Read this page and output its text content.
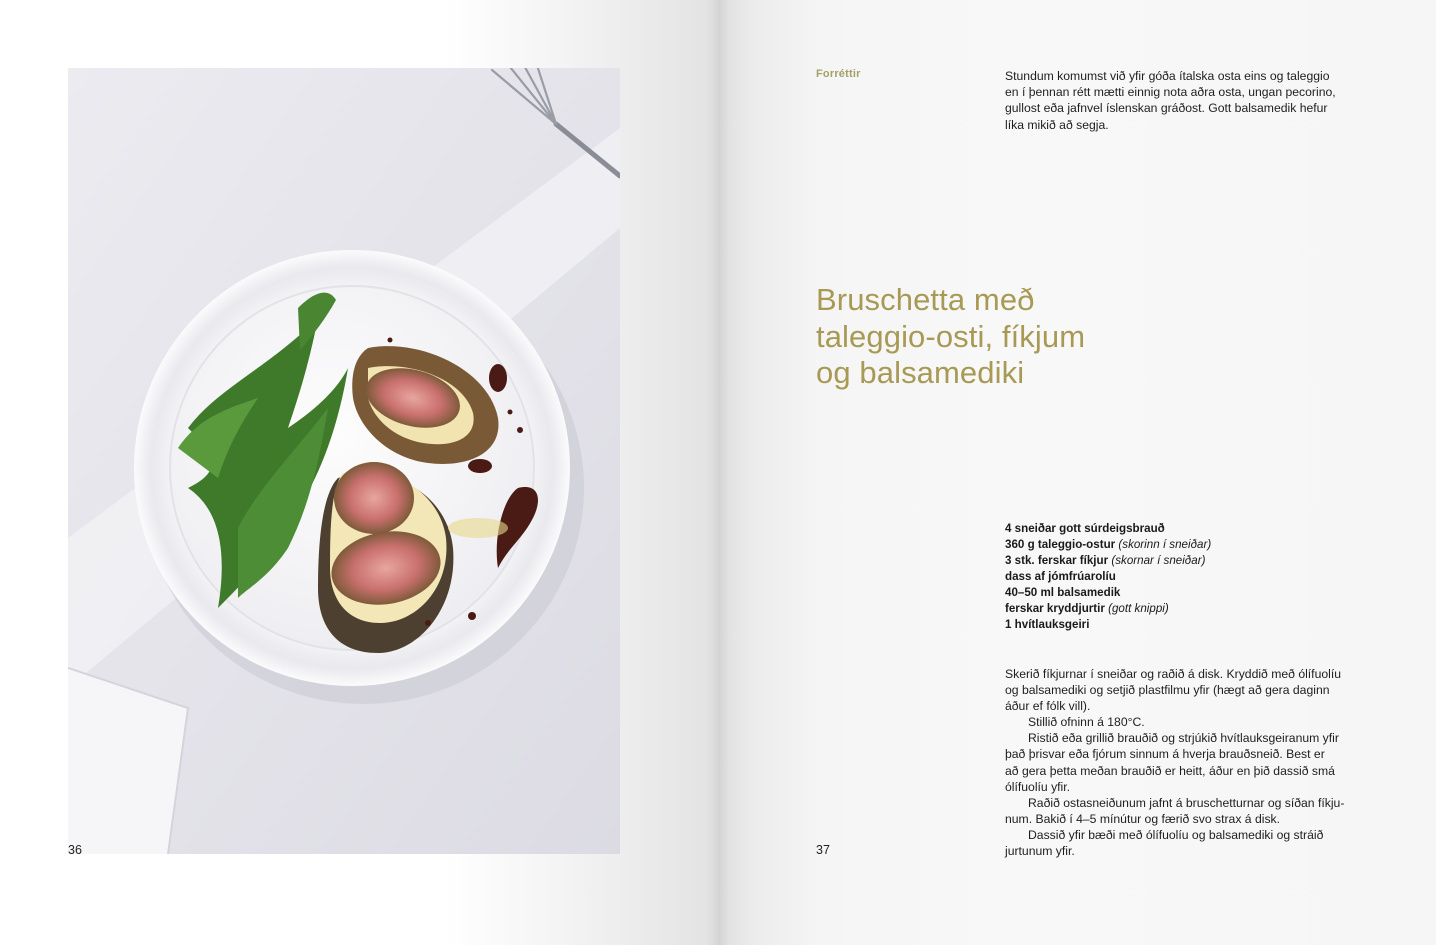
36
Forréttir	Stundum komumst við yfir góða ítalska osta eins og taleggio
en í þennan rétt mætti einnig nota aðra osta, ungan pecorino,
gullost eða jafnvel íslenskan gráðost. Gott balsamedik hefur
líka mikið að segja.
Bruschetta með
taleggio-osti, fíkjum
og balsamediki
4 sneiðar gott súrdeigsbrauð
360 g taleggio-ostur (skorinn í sneiðar)
3 stk. ferskar fíkjur (skornar í sneiðar)
dass af jómfrúarolíu
40–50 ml balsamedik
ferskar kryddjurtir (gott knippi)
1 hvítlauksgeiri
Skerið fíkjurnar í sneiðar og raðið á disk. Kryddið með ólífuolíu
og balsamediki og setjið plastfilmu yfir (hægt að gera daginn
áður ef fólk vill).
Stillið ofninn á 180°C.
Ristið eða grillið brauðið og strjúkið hvítlauksgeiranum yfir
það þrisvar eða fjórum sinnum á hverja brauðsneið. Best er
að gera þetta meðan brauðið er heitt, áður en þið dassið smá
ólífuolíu yfir.
Raðið ostasneiðunum jafnt á bruschetturnar og síðan fíkju-
num. Bakið í 4–5 mínútur og færið svo strax á disk.
Dassið yfir bæði með ólífuolíu og balsamediki og stráið
jurtunum yfir.
37
